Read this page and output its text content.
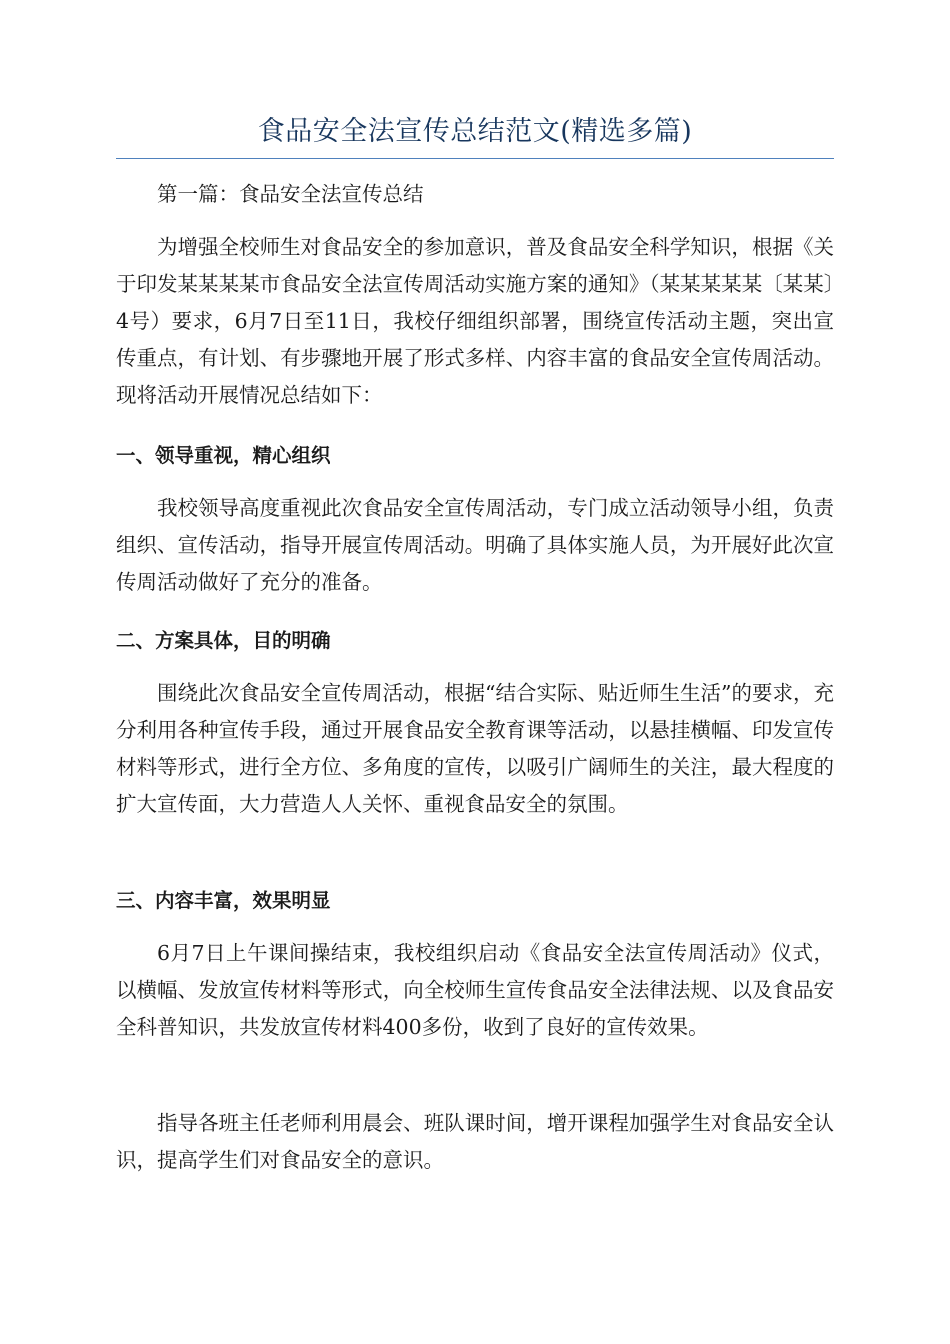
食品安全法宣传总结范文(精选多篇)
第一篇：食品安全法宣传总结
为增强全校师生对食品安全的参加意识，普及食品安全科学知识，根据《关于印发某某某某市食品安全法宣传周活动实施方案的通知》（某某某某某〔某某〕4号）要求，6月7日至11日，我校仔细组织部署，围绕宣传活动主题，突出宣传重点，有计划、有步骤地开展了形式多样、内容丰富的食品安全宣传周活动。现将活动开展情况总结如下：
一、领导重视，精心组织
我校领导高度重视此次食品安全宣传周活动，专门成立活动领导小组，负责组织、宣传活动，指导开展宣传周活动。明确了具体实施人员，为开展好此次宣传周活动做好了充分的准备。
二、方案具体，目的明确
围绕此次食品安全宣传周活动，根据“结合实际、贴近师生生活”的要求，充分利用各种宣传手段，通过开展食品安全教育课等活动，以悬挂横幅、印发宣传材料等形式，进行全方位、多角度的宣传，以吸引广阔师生的关注，最大程度的扩大宣传面，大力营造人人关怀、重视食品安全的氛围。
三、内容丰富，效果明显
6月7日上午课间操结束，我校组织启动《食品安全法宣传周活动》仪式，以横幅、发放宣传材料等形式，向全校师生宣传食品安全法律法规、以及食品安全科普知识，共发放宣传材料400多份，收到了良好的宣传效果。
指导各班主任老师利用晨会、班队课时间，增开课程加强学生对食品安全认识，提高学生们对食品安全的意识。
